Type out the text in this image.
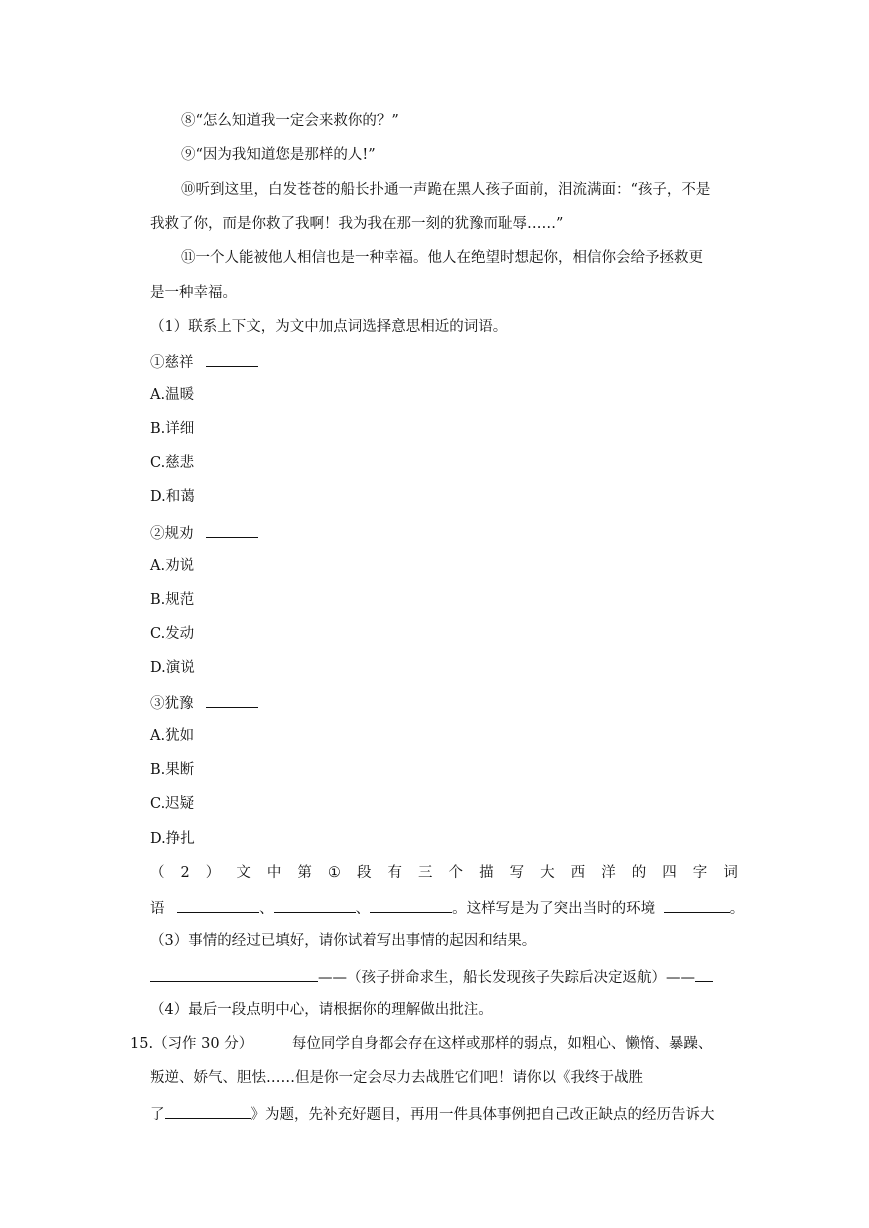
⑧“怎么知道我一定会来救你的？”
⑨“因为我知道您是那样的人!”
⑩听到这里，白发苍苍的船长扑通一声跪在黑人孩子面前，泪流满面：“孩子，不是
我救了你，而是你救了我啊！我为我在那一刻的犹豫而耻辱……”
⑪一个人能被他人相信也是一种幸福。他人在绝望时想起你，相信你会给予拯救更
是一种幸福。
（1）联系上下文，为文中加点词选择意思相近的词语。
①慈祥
A.温暖
B.详细
C.慈悲
D.和蔼
②规劝
A.劝说
B.规范
C.发动
D.演说
③犹豫
A.犹如
B.果断
C.迟疑
D.挣扎
（ 2 ） 文 中 第 ① 段 有 三 个 描 写 大 西 洋 的 四 字 词
语	、	、	。这样写是为了突出当时的环境	。
（3）事情的经过已填好，请你试着写出事情的起因和结果。
——（孩子拼命求生，船长发现孩子失踪后决定返航）——
（4）最后一段点明中心，请根据你的理解做出批注。
15.（习作 30 分）	每位同学自身都会存在这样或那样的弱点，如粗心、懒惰、暴躁、
叛逆、娇气、胆怯……但是你一定会尽力去战胜它们吧！请你以《我终于战胜
了	》为题，先补充好题目，再用一件具体事例把自己改正缺点的经历告诉大
